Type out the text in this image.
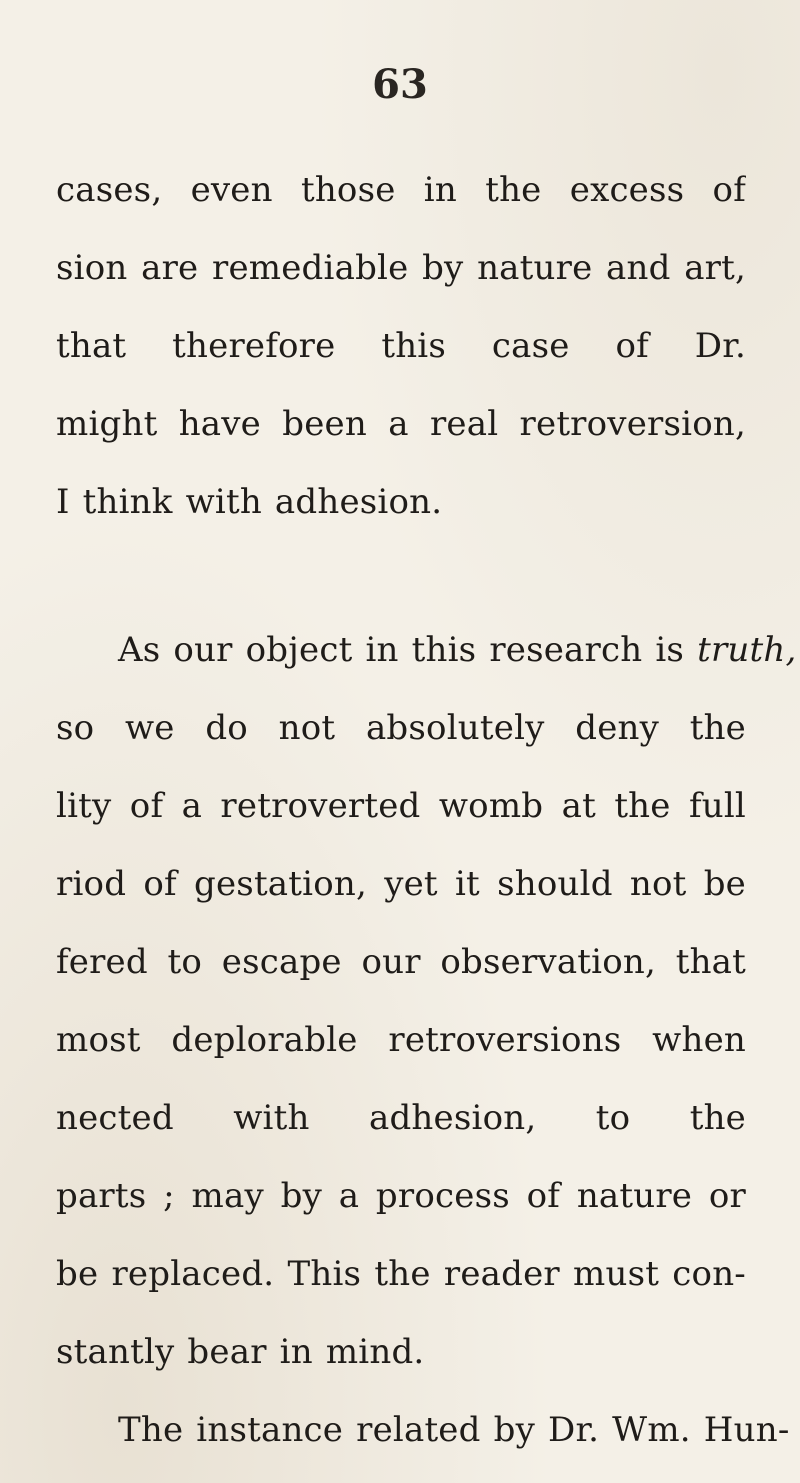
63
cases, even those in the excess of
sion are remediable by nature and art,
that therefore this case of Dr.
might have been a real retroversion,
I think with adhesion.
As our object in this research is truth,
so we do not absolutely deny the
lity of a retroverted womb at the full
riod of gestation, yet it should not be
fered to escape our observation, that
most deplorable retroversions when
nected with adhesion, to the
parts ; may by a process of nature or
be replaced. This the reader must con-
stantly bear in mind.
The instance related by Dr. Wm. Hun-
